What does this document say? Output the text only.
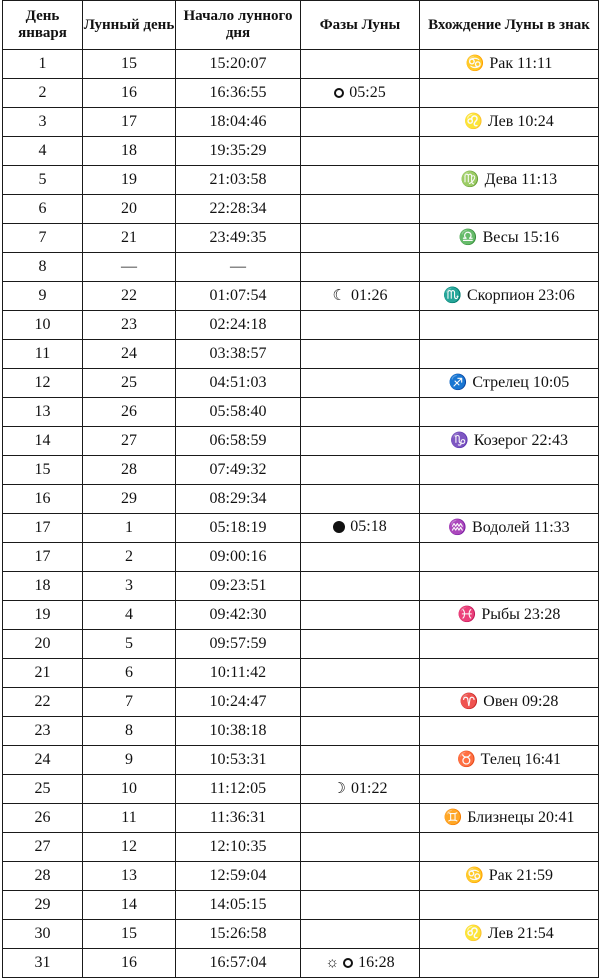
День января	Лунный день	Начало лунного дня	Фазы Луны	Вхождение Луны в знак
1	15	15:20:07		♋ Рак 11:11

2	16	16:36:55	05:25	

3	17	18:04:46		♌ Лев 10:24

4	18	19:35:29		
5	19	21:03:58		♍ Дева 11:13

6	20	22:28:34		
7	21	23:49:35		♎ Весы 15:16

8	—	—		
9	22	01:07:54	☾ 01:26	♏ Скорпион 23:06

10	23	02:24:18		
11	24	03:38:57		
12	25	04:51:03		♐ Стрелец 10:05

13	26	05:58:40		
14	27	06:58:59		♑ Козерог 22:43

15	28	07:49:32		
16	29	08:29:34		
17	1	05:18:19	05:18	♒ Водолей 11:33

17	2	09:00:16		
18	3	09:23:51		
19	4	09:42:30		♓ Рыбы 23:28

20	5	09:57:59		
21	6	10:11:42		
22	7	10:24:47		♈ Овен 09:28

23	8	10:38:18		
24	9	10:53:31		♉ Телец 16:41

25	10	11:12:05	☽ 01:22	

26	11	11:36:31		♊ Близнецы 20:41

27	12	12:10:35		
28	13	12:59:04		♋ Рак 21:59

29	14	14:05:15		
30	15	15:26:58		♌ Лев 21:54

31	16	16:57:04	☼ 16:28	
